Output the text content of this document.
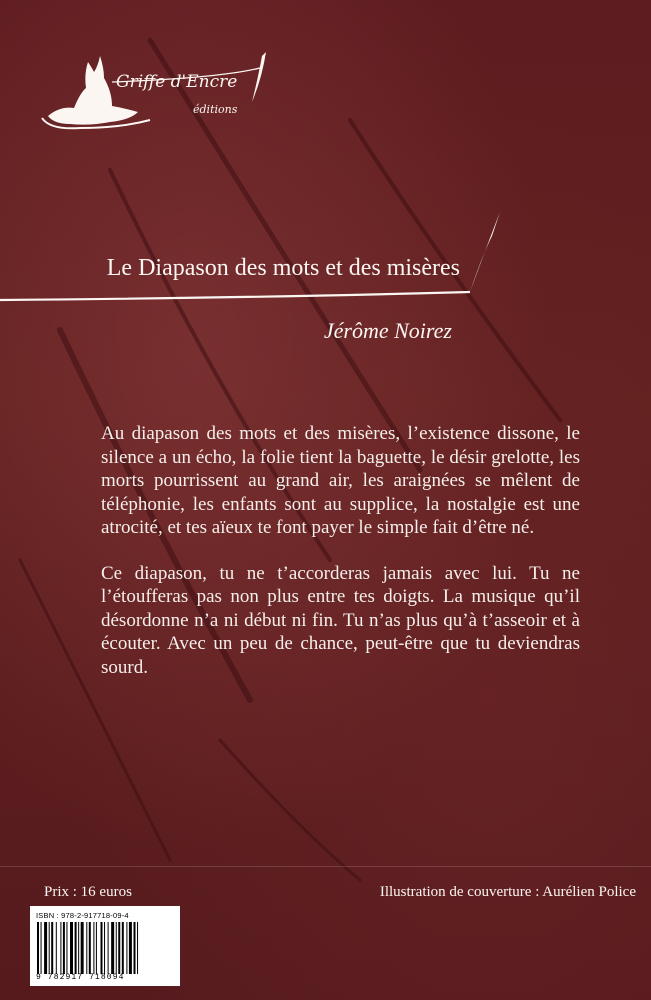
Griffe d'Encre
éditions
Le Diapason des mots et des misères
Jérôme Noirez

Au diapason des mots et des misères, l’existence dissone, le silence a un écho, la folie tient la baguette, le désir grelotte, les morts pourrissent au grand air, les araignées se mêlent de téléphonie, les enfants sont au supplice, la nostalgie est une atrocité, et tes aïeux te font payer le simple fait d’être né.

Ce diapason, tu ne t’accorderas jamais avec lui. Tu ne l’étoufferas pas non plus entre tes doigts. La musique qu’il désordonne n’a ni début ni fin. Tu n’as plus qu’à t’asseoir et à écouter. Avec un peu de chance, peut-être que tu deviendras sourd.

Prix : 16 euros	Illustration de couverture : Aurélien Police
ISBN : 978-2-917718-09-4
9 782917 718094
